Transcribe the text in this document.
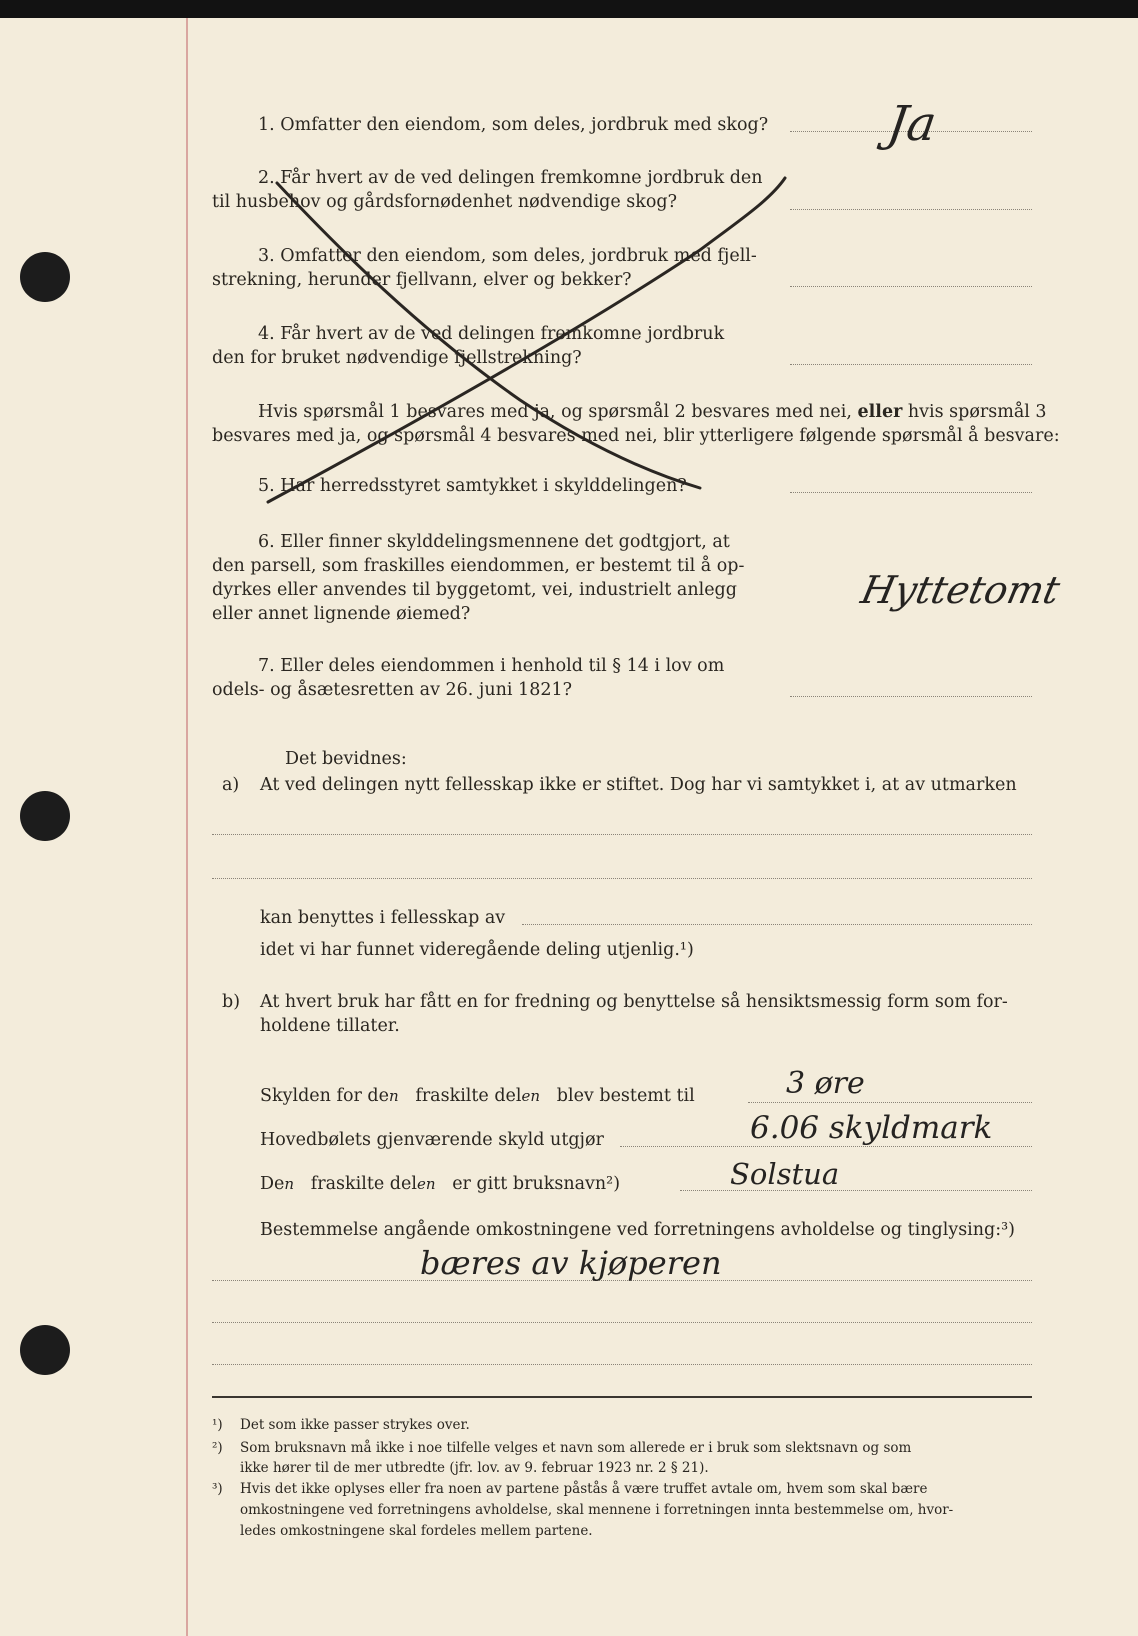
1. Omfatter den eiendom, som deles, jordbruk med skog? Ja
2. Får hvert av de ved delingen fremkomne jordbruk den
til husbehov og gårdsfornødenhet nødvendige skog?
3. Omfatter den eiendom, som deles, jordbruk med fjell-
strekning, herunder fjellvann, elver og bekker?
4. Får hvert av de ved delingen fremkomne jordbruk
den for bruket nødvendige fjellstrekning?
Hvis spørsmål 1 besvares med ja, og spørsmål 2 besvares med nei, eller hvis spørsmål 3
besvares med ja, og spørsmål 4 besvares med nei, blir ytterligere følgende spørsmål å besvare:
5. Har herredsstyret samtykket i skylddelingen?
6. Eller finner skylddelingsmennene det godtgjort, at
den parsell, som fraskilles eiendommen, er bestemt til å op-
dyrkes eller anvendes til byggetomt, vei, industrielt anlegg
eller annet lignende øiemed?
Hyttetomt
7. Eller deles eiendommen i henhold til § 14 i lov om
odels- og åsætesretten av 26. juni 1821?
Det bevidnes:
a) At ved delingen nytt fellesskap ikke er stiftet. Dog har vi samtykket i, at av utmarken
kan benyttes i fellesskap av
idet vi har funnet videregående deling utjenlig.¹)
b) At hvert bruk har fått en for fredning og benyttelse så hensiktsmessig form som for-
holdene tillater.
Skylden for den fraskilte delen blev bestemt til	3 øre
Hovedbølets gjenværende skyld utgjør	6.06 skyldmark
Den fraskilte delen er gitt bruksnavn²)	Solstua
Bestemmelse angående omkostningene ved forretningens avholdelse og tinglysing:³)
bæres av kjøperen
¹) Det som ikke passer strykes over.
²) Som bruksnavn må ikke i noe tilfelle velges et navn som allerede er i bruk som slektsnavn og som
ikke hører til de mer utbredte (jfr. lov. av 9. februar 1923 nr. 2 § 21).
³) Hvis det ikke oplyses eller fra noen av partene påstås å være truffet avtale om, hvem som skal bære
omkostningene ved forretningens avholdelse, skal mennene i forretningen innta bestemmelse om, hvor-
ledes omkostningene skal fordeles mellem partene.
